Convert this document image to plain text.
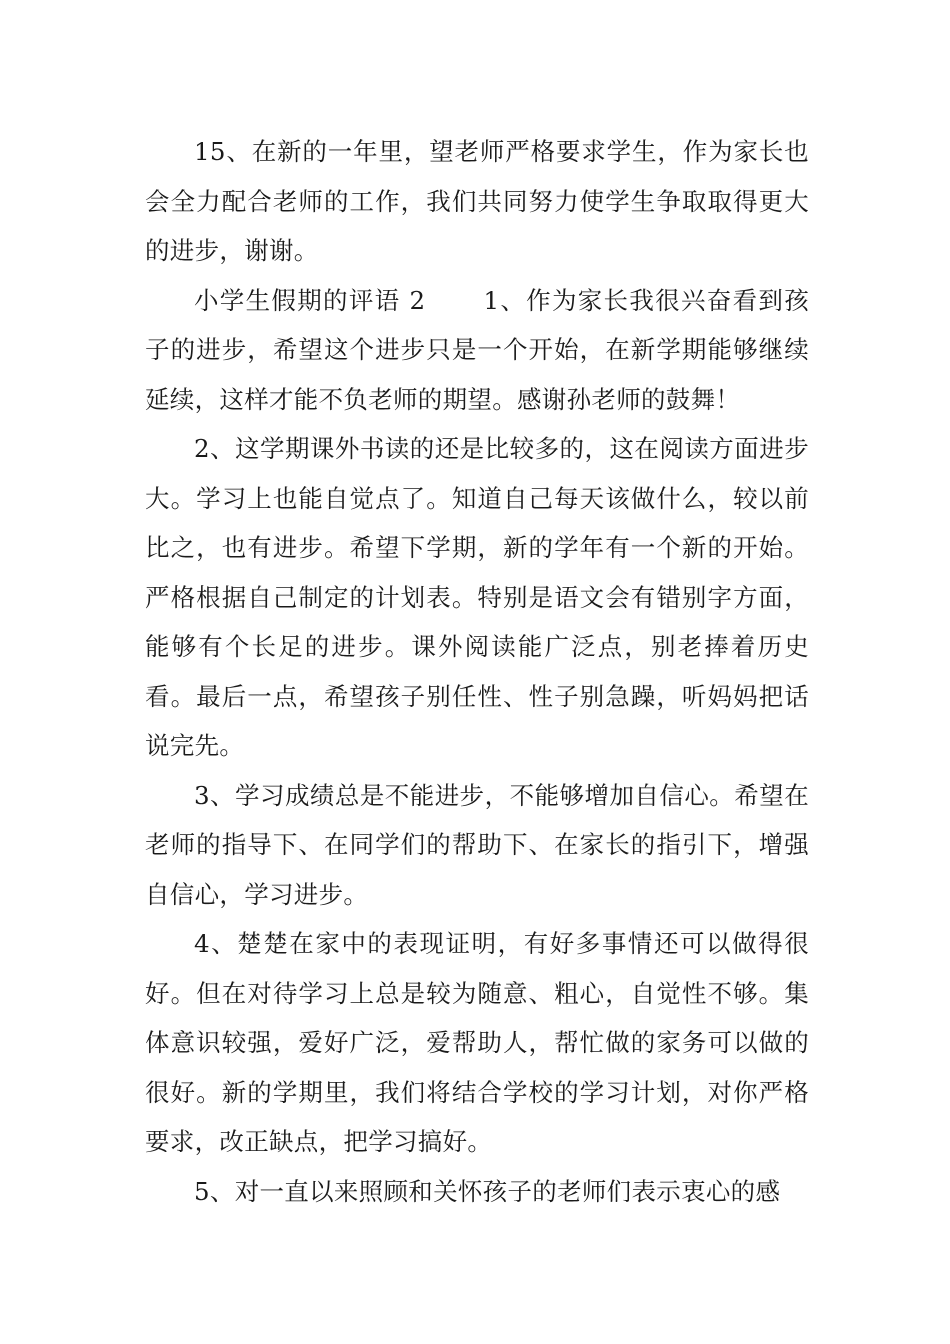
15、在新的一年里，望老师严格要求学生，作为家长也会全力配合老师的工作，我们共同努力使学生争取取得更大的进步，谢谢。

小学生假期的评语 2 1、作为家长我很兴奋看到孩子的进步，希望这个进步只是一个开始，在新学期能够继续延续，这样才能不负老师的期望。感谢孙老师的鼓舞！

2、这学期课外书读的还是比较多的，这在阅读方面进步大。学习上也能自觉点了。知道自己每天该做什么，较以前比之，也有进步。希望下学期，新的学年有一个新的开始。严格根据自己制定的计划表。特别是语文会有错别字方面，能够有个长足的进步。课外阅读能广泛点，别老捧着历史看。最后一点，希望孩子别任性、性子别急躁，听妈妈把话说完先。

3、学习成绩总是不能进步，不能够增加自信心。希望在老师的指导下、在同学们的帮助下、在家长的指引下，增强自信心，学习进步。

4、楚楚在家中的表现证明，有好多事情还可以做得很好。但在对待学习上总是较为随意、粗心，自觉性不够。集体意识较强，爱好广泛，爱帮助人，帮忙做的家务可以做的很好。新的学期里，我们将结合学校的学习计划，对你严格要求，改正缺点，把学习搞好。

5、对一直以来照顾和关怀孩子的老师们表示衷心的感
